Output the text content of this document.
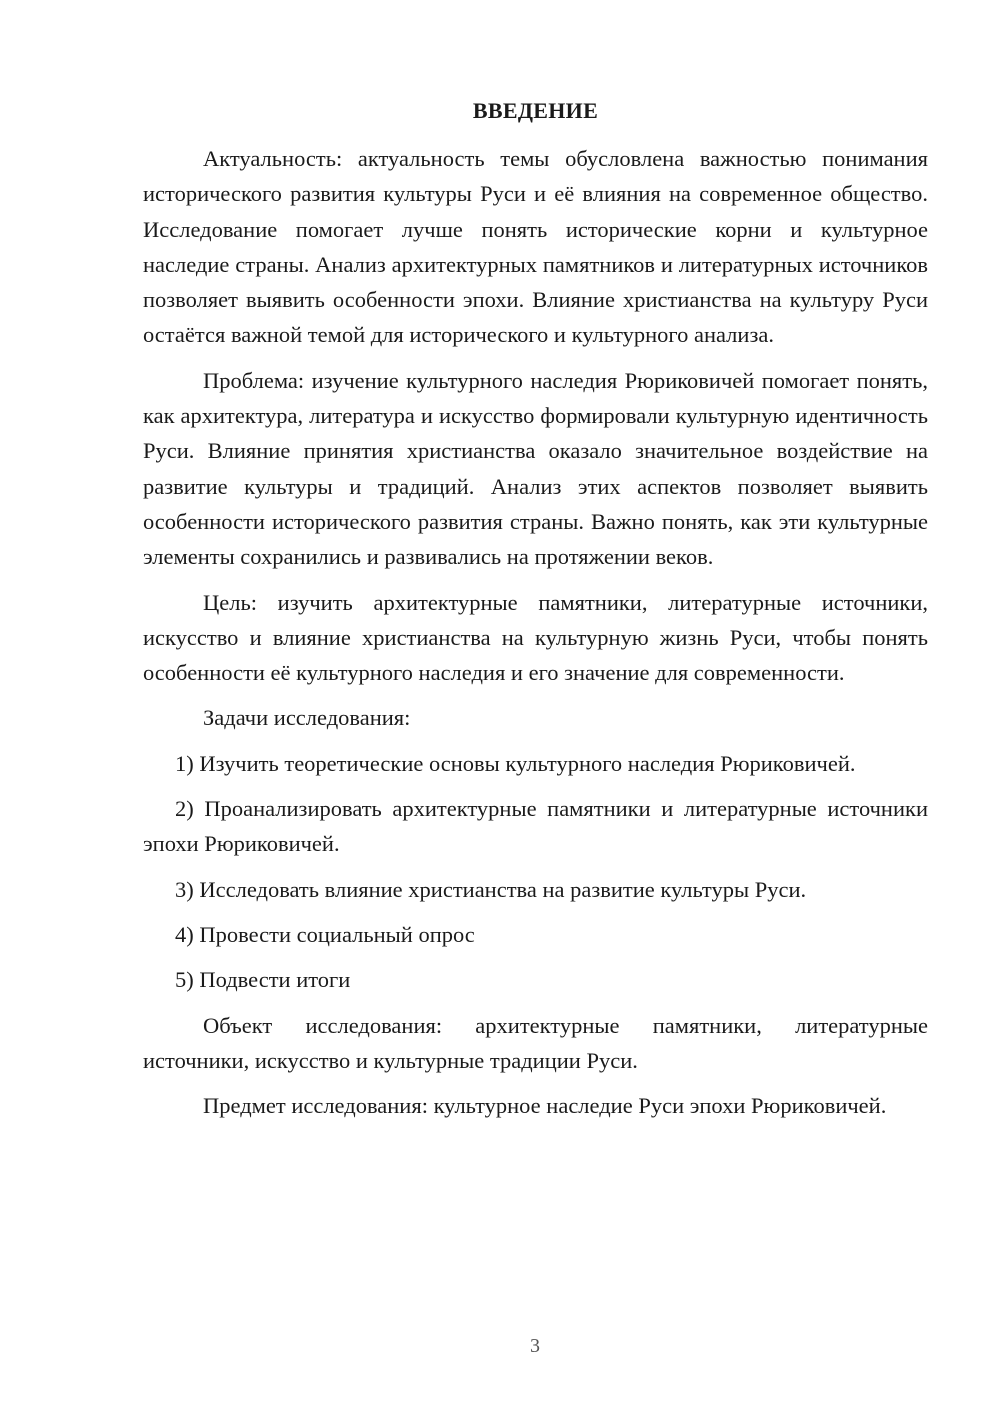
ВВЕДЕНИЕ

Актуальность: актуальность темы обусловлена важностью понимания исторического развития культуры Руси и её влияния на современное общество. Исследование помогает лучше понять исторические корни и культурное наследие страны. Анализ архитектурных памятников и литературных источников позволяет выявить особенности эпохи. Влияние христианства на культуру Руси остаётся важной темой для исторического и культурного анализа.

Проблема: изучение культурного наследия Рюриковичей помогает понять, как архитектура, литература и искусство формировали культурную идентичность Руси. Влияние принятия христианства оказало значительное воздействие на развитие культуры и традиций. Анализ этих аспектов позволяет выявить особенности исторического развития страны. Важно понять, как эти культурные элементы сохранились и развивались на протяжении веков.

Цель: изучить архитектурные памятники, литературные источники, искусство и влияние христианства на культурную жизнь Руси, чтобы понять особенности её культурного наследия и его значение для современности.

Задачи исследования:

1) Изучить теоретические основы культурного наследия Рюриковичей.

2) Проанализировать архитектурные памятники и литературные источники эпохи Рюриковичей.

3) Исследовать влияние христианства на развитие культуры Руси.

4) Провести социальный опрос

5) Подвести итоги

Объект исследования: архитектурные памятники, литературные источники, искусство и культурные традиции Руси.

Предмет исследования: культурное наследие Руси эпохи Рюриковичей.

3
